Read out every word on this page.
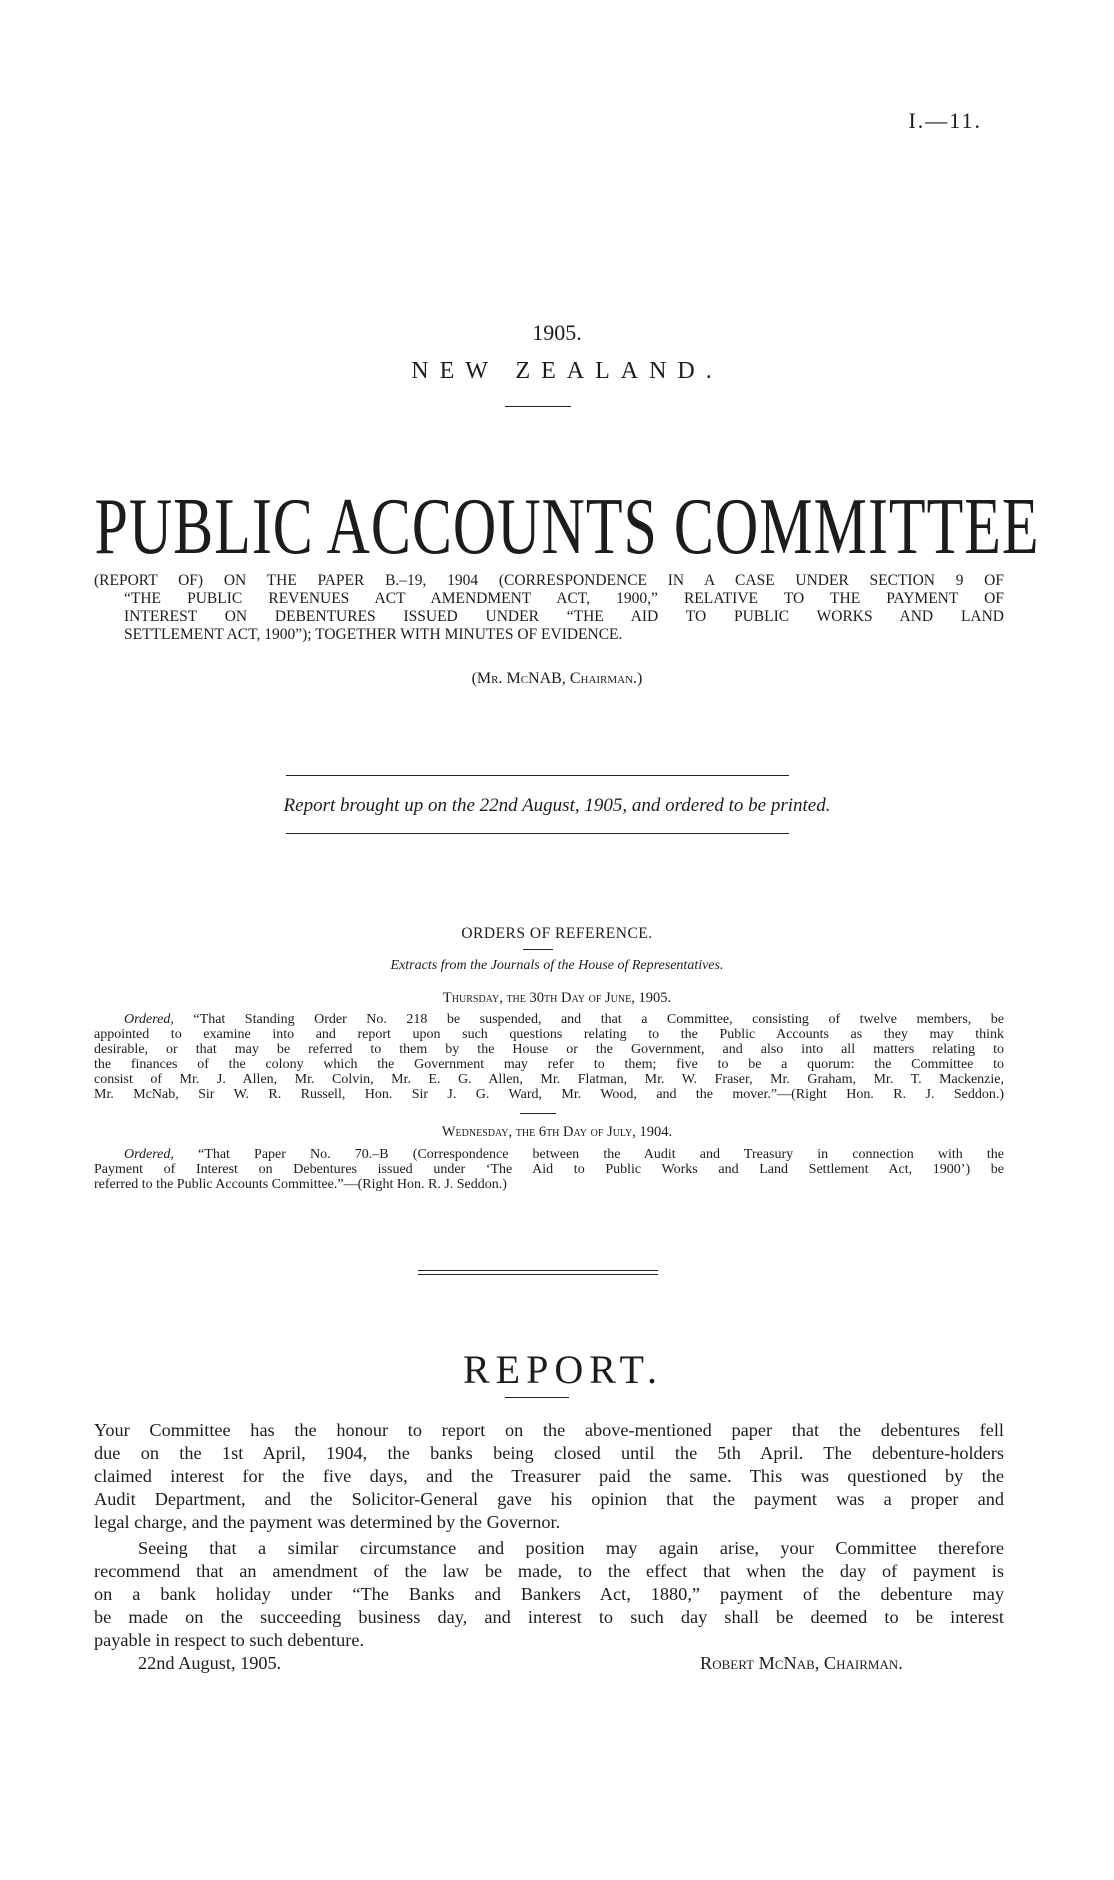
I.—11.
1905.
NEW ZEALAND.
PUBLIC ACCOUNTS COMMITTEE
(REPORT OF) ON THE PAPER B.–19, 1904 (CORRESPONDENCE IN A CASE UNDER SECTION 9 OF
“THE PUBLIC REVENUES ACT AMENDMENT ACT, 1900,” RELATIVE TO THE PAYMENT OF
INTEREST ON DEBENTURES ISSUED UNDER “THE AID TO PUBLIC WORKS AND LAND
SETTLEMENT ACT, 1900”); TOGETHER WITH MINUTES OF EVIDENCE.
(Mr. McNAB, Chairman.)
Report brought up on the 22nd August, 1905, and ordered to be printed.
ORDERS OF REFERENCE.
Extracts from the Journals of the House of Representatives.
Thursday, the 30th Day of June, 1905.
Ordered, “That Standing Order No. 218 be suspended, and that a Committee, consisting of twelve members, be
appointed to examine into and report upon such questions relating to the Public Accounts as they may think
desirable, or that may be referred to them by the House or the Government, and also into all matters relating to
the finances of the colony which the Government may refer to them; five to be a quorum: the Committee to
consist of Mr. J. Allen, Mr. Colvin, Mr. E. G. Allen, Mr. Flatman, Mr. W. Fraser, Mr. Graham, Mr. T. Mackenzie,
Mr. McNab, Sir W. R. Russell, Hon. Sir J. G. Ward, Mr. Wood, and the mover.”—(Right Hon. R. J. Seddon.)
Wednesday, the 6th Day of July, 1904.
Ordered, “That Paper No. 70.–B (Correspondence between the Audit and Treasury in connection with the
Payment of Interest on Debentures issued under ‘The Aid to Public Works and Land Settlement Act, 1900’) be
referred to the Public Accounts Committee.”—(Right Hon. R. J. Seddon.)
REPORT.
Your Committee has the honour to report on the above-mentioned paper that the debentures fell
due on the 1st April, 1904, the banks being closed until the 5th April. The debenture-holders
claimed interest for the five days, and the Treasurer paid the same. This was questioned by the
Audit Department, and the Solicitor-General gave his opinion that the payment was a proper and
legal charge, and the payment was determined by the Governor.
Seeing that a similar circumstance and position may again arise, your Committee therefore
recommend that an amendment of the law be made, to the effect that when the day of payment is
on a bank holiday under “The Banks and Bankers Act, 1880,” payment of the debenture may
be made on the succeeding business day, and interest to such day shall be deemed to be interest
payable in respect to such debenture.
22nd August, 1905.	Robert McNab, Chairman.
